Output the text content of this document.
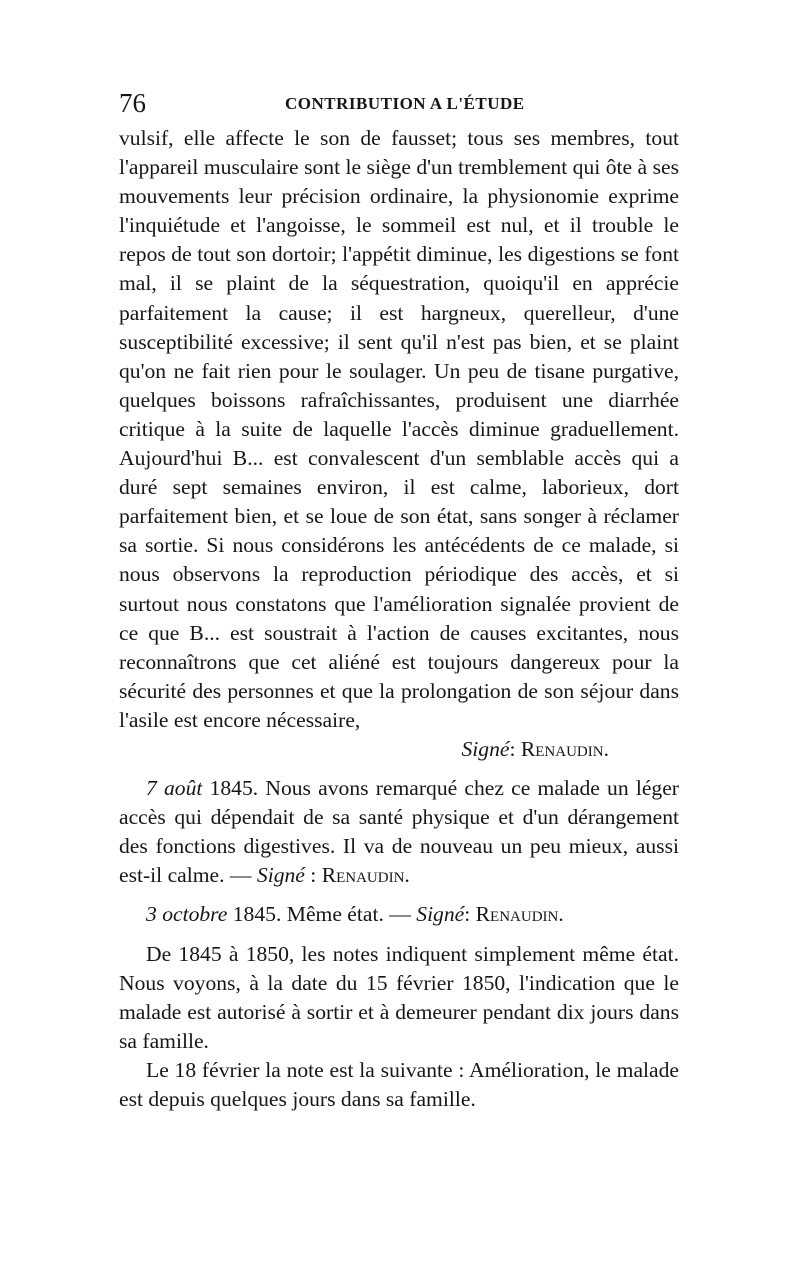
76	CONTRIBUTION A L'ÉTUDE

vulsif, elle affecte le son de fausset; tous ses membres, tout l'appareil musculaire sont le siège d'un tremblement qui ôte à ses mouvements leur précision ordinaire, la physionomie exprime l'inquiétude et l'angoisse, le sommeil est nul, et il trouble le repos de tout son dortoir; l'appétit diminue, les digestions se font mal, il se plaint de la séquestration, quoiqu'il en apprécie parfaitement la cause; il est hargneux, querelleur, d'une susceptibilité excessive; il sent qu'il n'est pas bien, et se plaint qu'on ne fait rien pour le soulager. Un peu de tisane purgative, quelques boissons rafraîchissantes, produisent une diarrhée critique à la suite de laquelle l'accès diminue graduellement. Aujourd'hui B... est convalescent d'un semblable accès qui a duré sept semaines environ, il est calme, laborieux, dort parfaitement bien, et se loue de son état, sans songer à réclamer sa sortie. Si nous considérons les antécédents de ce malade, si nous observons la reproduction périodique des accès, et si surtout nous constatons que l'amélioration signalée provient de ce que B... est soustrait à l'action de causes excitantes, nous reconnaîtrons que cet aliéné est toujours dangereux pour la sécurité des personnes et que la prolongation de son séjour dans l'asile est encore nécessaire,

Signé: Renaudin.

7 août 1845. Nous avons remarqué chez ce malade un léger accès qui dépendait de sa santé physique et d'un dérangement des fonctions digestives. Il va de nouveau un peu mieux, aussi est-il calme. — Signé : Renaudin.

3 octobre 1845. Même état. — Signé: Renaudin.

De 1845 à 1850, les notes indiquent simplement même état. Nous voyons, à la date du 15 février 1850, l'indication que le malade est autorisé à sortir et à demeurer pendant dix jours dans sa famille.

Le 18 février la note est la suivante : Amélioration, le malade est depuis quelques jours dans sa famille.
